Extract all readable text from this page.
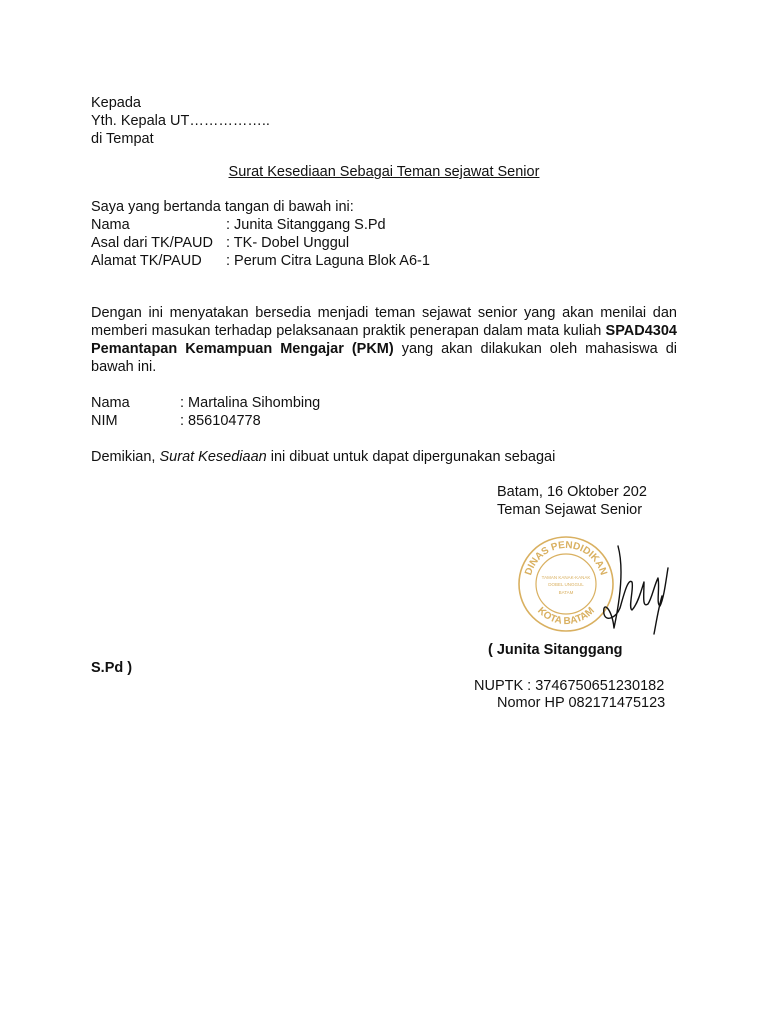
Kepada
Yth. Kepala UT……………..
di Tempat
Surat Kesediaan Sebagai Teman sejawat Senior
Saya yang bertanda tangan di bawah ini:
Nama	: Junita Sitanggang S.Pd
Asal dari TK/PAUD : TK- Dobel Unggul
Alamat TK/PAUD : Perum Citra Laguna Blok A6-1
Dengan ini menyatakan bersedia menjadi teman sejawat senior yang akan menilai dan memberi masukan terhadap pelaksanaan praktik penerapan dalam mata kuliah SPAD4304 Pemantapan Kemampuan Mengajar (PKM) yang akan dilakukan oleh mahasiswa di bawah ini.
Nama	: Martalina Sihombing
NIM	: 856104778
Demikian, Surat Kesediaan ini dibuat untuk dapat dipergunakan sebagai
Batam, 16 Oktober 202
Teman Sejawat Senior
DINAS PENDIDIKAN
KOTA BATAM
TAMAN KANAK-KANAK
DOBEL UNGGUL
BATAM
( Junita Sitanggang
S.Pd )
NUPTK : 3746750651230182
Nomor HP 082171475123
